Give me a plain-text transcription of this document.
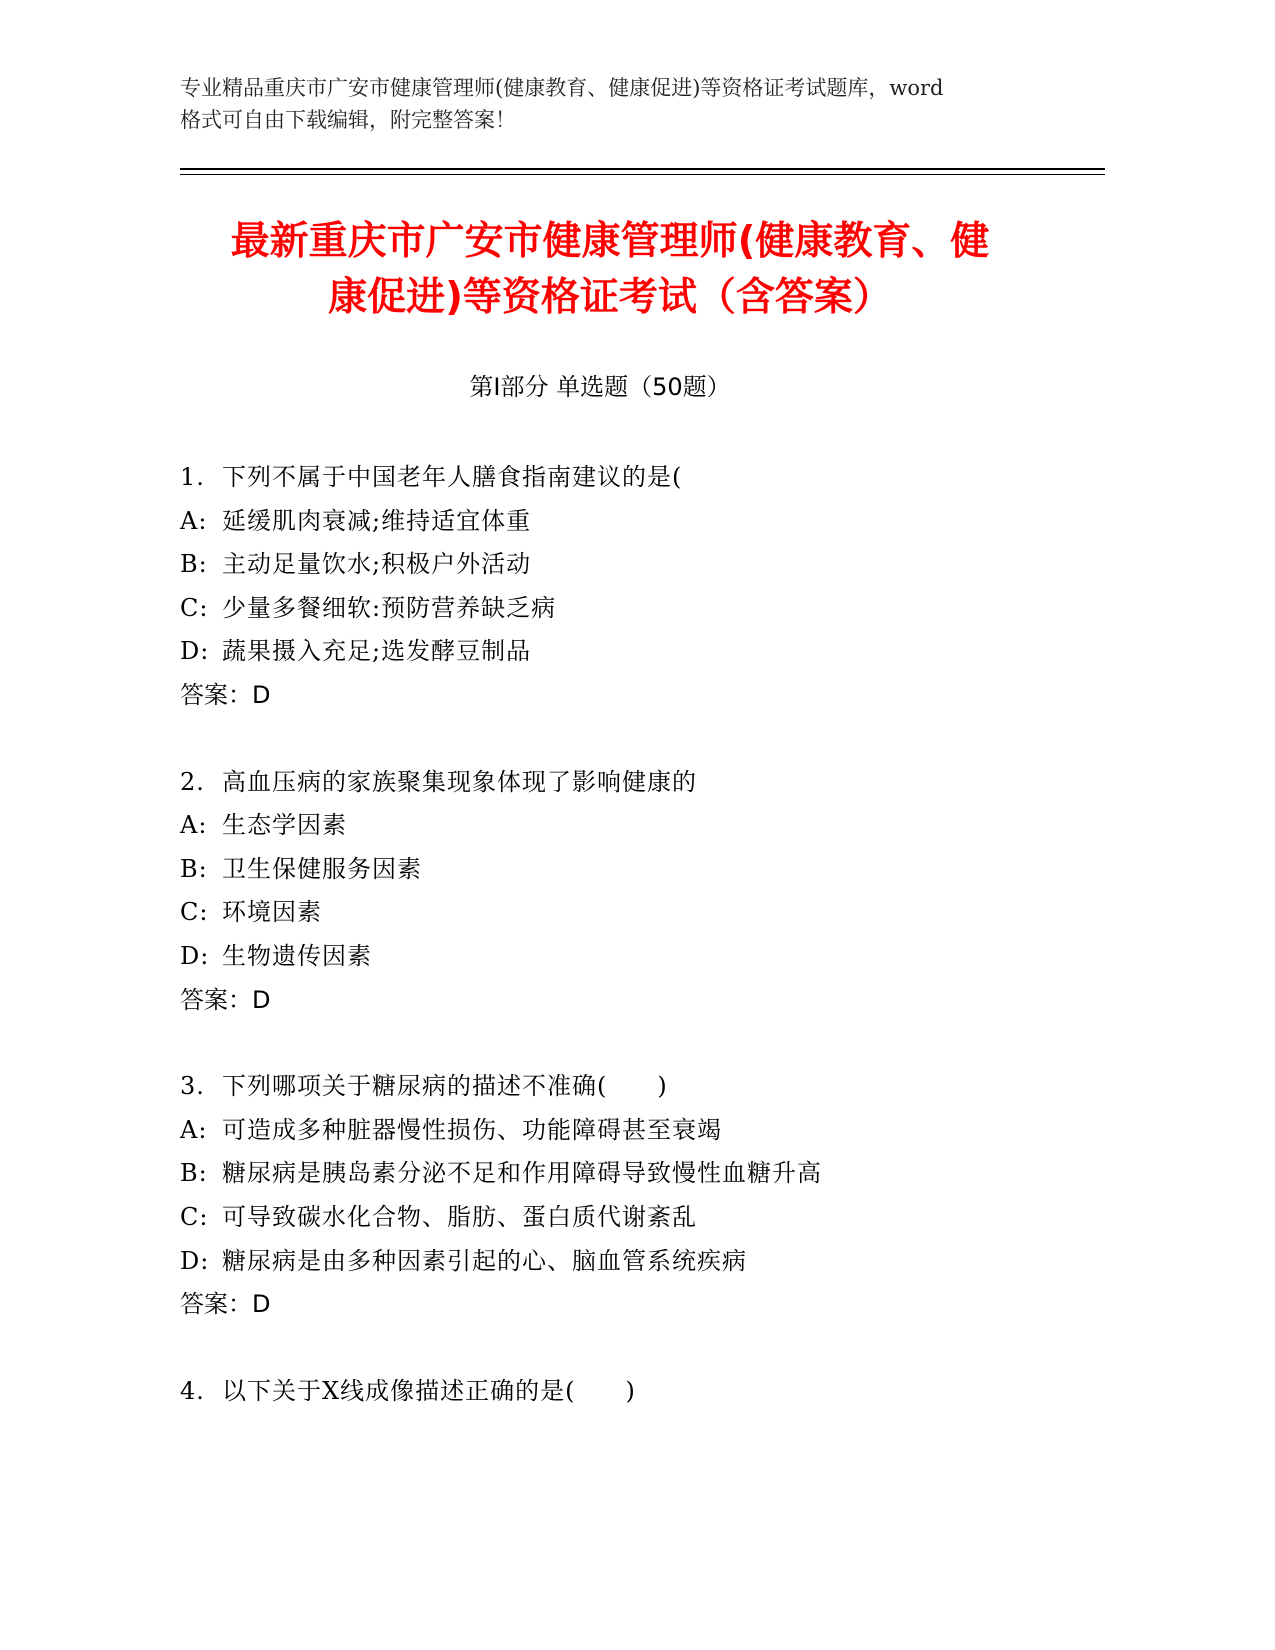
专业精品重庆市广安市健康管理师(健康教育、健康促进)等资格证考试题库，word
格式可自由下载编辑，附完整答案！
最新重庆市广安市健康管理师(健康教育、健
康促进)等资格证考试（含答案）
第Ⅰ部分 单选题（50题）
1. 下列不属于中国老年人膳食指南建议的是(
A: 延缓肌肉衰减;维持适宜体重
B: 主动足量饮水;积极户外活动
C: 少量多餐细软:预防营养缺乏病
D: 蔬果摄入充足;选发酵豆制品
答案：D
2. 高血压病的家族聚集现象体现了影响健康的
A: 生态学因素
B: 卫生保健服务因素
C: 环境因素
D: 生物遗传因素
答案：D
3. 下列哪项关于糖尿病的描述不准确(　　)
A: 可造成多种脏器慢性损伤、功能障碍甚至衰竭
B: 糖尿病是胰岛素分泌不足和作用障碍导致慢性血糖升高
C: 可导致碳水化合物、脂肪、蛋白质代谢紊乱
D: 糖尿病是由多种因素引起的心、脑血管系统疾病
答案：D
4. 以下关于X线成像描述正确的是(　　)
